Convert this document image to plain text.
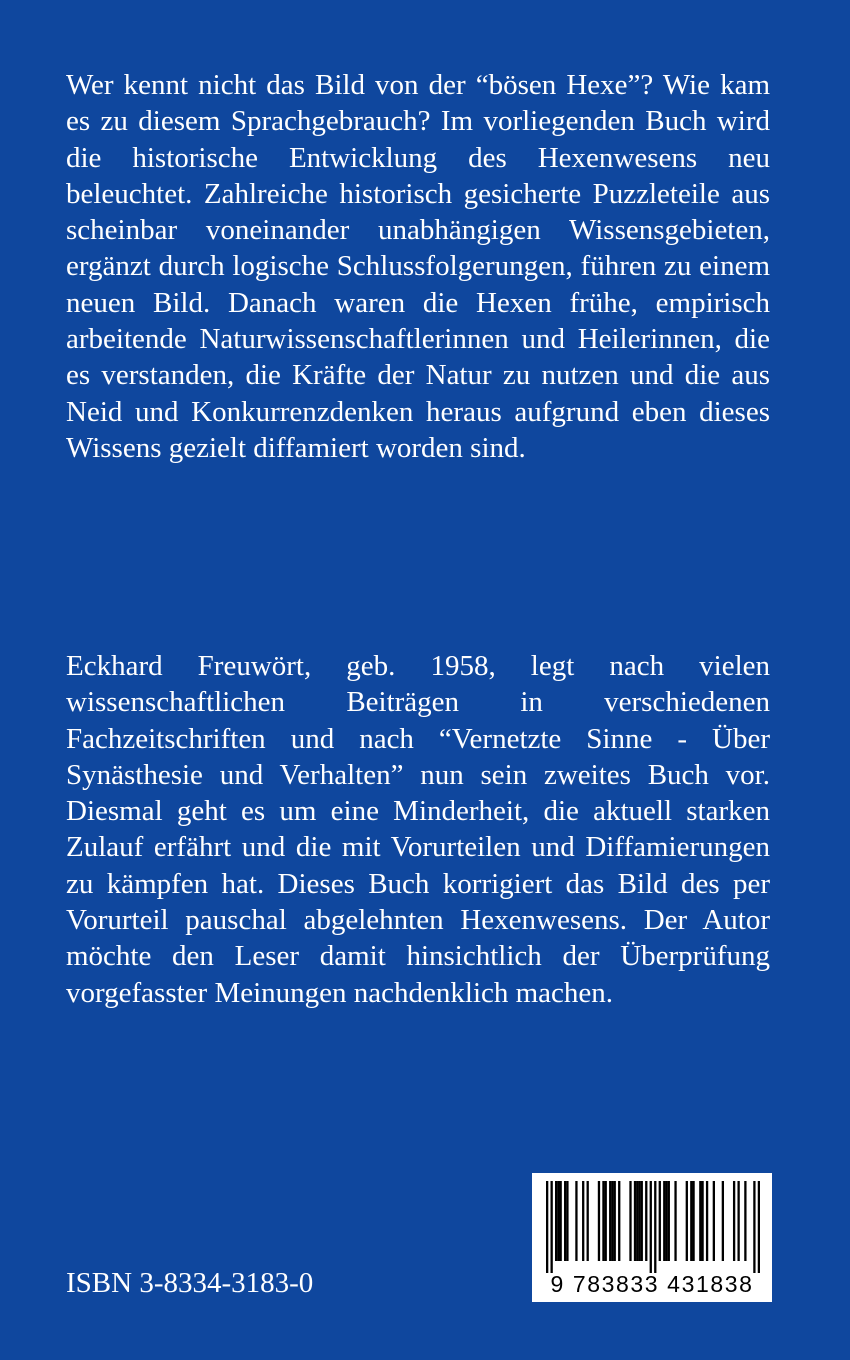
Wer kennt nicht das Bild von der “bösen Hexe”? Wie kam es zu diesem Sprachgebrauch? Im vorliegenden Buch wird die historische Entwicklung des Hexenwesens neu beleuchtet. Zahlreiche historisch gesicherte Puzzleteile aus scheinbar voneinander unabhängigen Wissensgebieten, ergänzt durch logische Schlussfolgerungen, führen zu einem neuen Bild. Danach waren die Hexen frühe, empirisch arbeitende Naturwissenschaftlerinnen und Heilerinnen, die es verstanden, die Kräfte der Natur zu nutzen und die aus Neid und Konkurrenzdenken heraus aufgrund eben dieses Wissens gezielt diffamiert worden sind.

Eckhard Freuwört, geb. 1958, legt nach vielen wissenschaftlichen Beiträgen in verschiedenen Fachzeitschriften und nach “Vernetzte Sinne - Über Synästhesie und Verhalten” nun sein zweites Buch vor. Diesmal geht es um eine Minderheit, die aktuell starken Zulauf erfährt und die mit Vorurteilen und Diffamierungen zu kämpfen hat. Dieses Buch korrigiert das Bild des per Vorurteil pauschal abgelehnten Hexenwesens. Der Autor möchte den Leser damit hinsichtlich der Überprüfung vorgefasster Meinungen nachdenklich machen.

ISBN 3-8334-3183-0	9 783833 431838
